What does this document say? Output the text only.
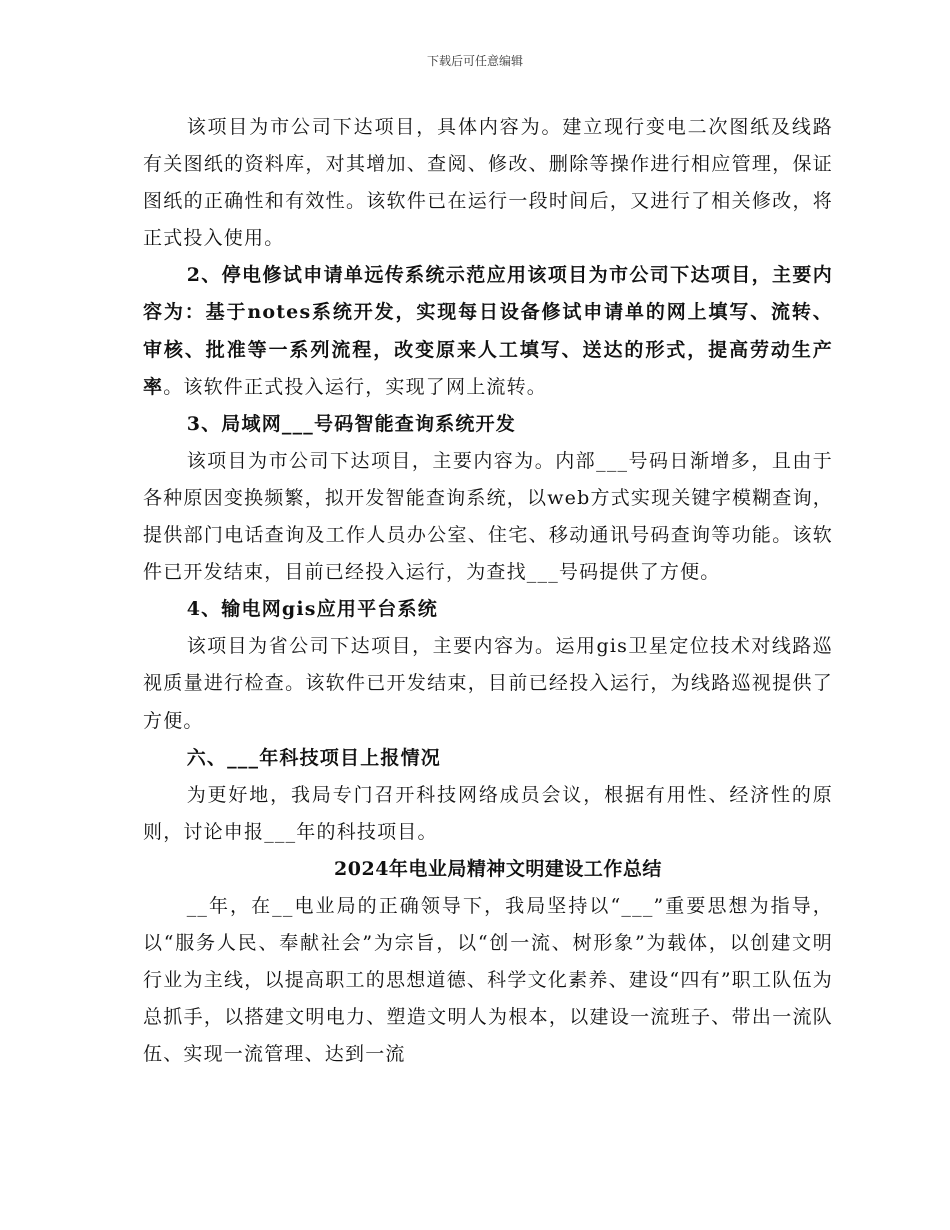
下载后可任意编辑

该项目为市公司下达项目，具体内容为。建立现行变电二次图纸及线路有关图纸的资料库，对其增加、查阅、修改、删除等操作进行相应管理，保证图纸的正确性和有效性。该软件已在运行一段时间后，又进行了相关修改，将正式投入使用。

2、停电修试申请单远传系统示范应用该项目为市公司下达项目，主要内容为：基于notes系统开发，实现每日设备修试申请单的网上填写、流转、审核、批准等一系列流程，改变原来人工填写、送达的形式，提高劳动生产率。该软件正式投入运行，实现了网上流转。

3、局域网___号码智能查询系统开发

该项目为市公司下达项目，主要内容为。内部___号码日渐增多，且由于各种原因变换频繁，拟开发智能查询系统，以web方式实现关键字模糊查询，提供部门电话查询及工作人员办公室、住宅、移动通讯号码查询等功能。该软件已开发结束，目前已经投入运行，为查找___号码提供了方便。

4、输电网gis应用平台系统

该项目为省公司下达项目，主要内容为。运用gis卫星定位技术对线路巡视质量进行检查。该软件已开发结束，目前已经投入运行，为线路巡视提供了方便。

六、___年科技项目上报情况

为更好地，我局专门召开科技网络成员会议，根据有用性、经济性的原则，讨论申报___年的科技项目。

2024年电业局精神文明建设工作总结

__年，在__电业局的正确领导下，我局坚持以“___”重要思想为指导，以“服务人民、奉献社会”为宗旨，以“创一流、树形象”为载体，以创建文明行业为主线，以提高职工的思想道德、科学文化素养、建设“四有”职工队伍为总抓手，以搭建文明电力、塑造文明人为根本，以建设一流班子、带出一流队伍、实现一流管理、达到一流
